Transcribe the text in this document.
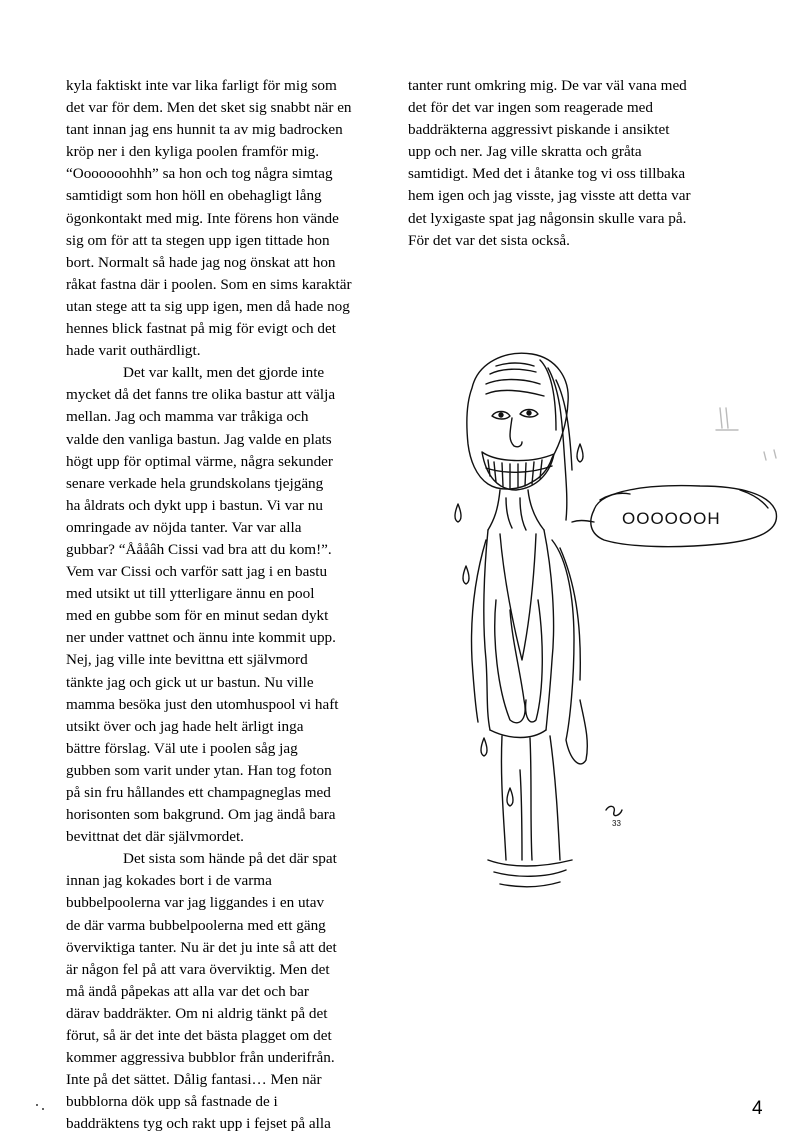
kyla faktiskt inte var lika farligt för mig som
det var för dem. Men det sket sig snabbt när en
tant innan jag ens hunnit ta av mig badrocken
kröp ner i den kyliga poolen framför mig.
“Ooooooohhh” sa hon och tog några simtag
samtidigt som hon höll en obehagligt lång
ögonkontakt med mig. Inte förens hon vände
sig om för att ta stegen upp igen tittade hon
bort. Normalt så hade jag nog önskat att hon
råkat fastna där i poolen. Som en sims karaktär
utan stege att ta sig upp igen, men då hade nog
hennes blick fastnat på mig för evigt och det
hade varit outhärdligt.
Det var kallt, men det gjorde inte
mycket då det fanns tre olika bastur att välja
mellan. Jag och mamma var tråkiga och
valde den vanliga bastun. Jag valde en plats
högt upp för optimal värme, några sekunder
senare verkade hela grundskolans tjejgäng
ha åldrats och dykt upp i bastun. Vi var nu
omringade av nöjda tanter. Var var alla
gubbar? “Åååâh Cissi vad bra att du kom!”.
Vem var Cissi och varför satt jag i en bastu
med utsikt ut till ytterligare ännu en pool
med en gubbe som för en minut sedan dykt
ner under vattnet och ännu inte kommit upp.
Nej, jag ville inte bevittna ett självmord
tänkte jag och gick ut ur bastun. Nu ville
mamma besöka just den utomhuspool vi haft
utsikt över och jag hade helt ärligt inga
bättre förslag. Väl ute i poolen såg jag
gubben som varit under ytan. Han tog foton
på sin fru hållandes ett champagneglas med
horisonten som bakgrund. Om jag ändå bara
bevittnat det där självmordet.
Det sista som hände på det där spat
innan jag kokades bort i de varma
bubbelpoolerna var jag liggandes i en utav
de där varma bubbelpoolerna med ett gäng
överviktiga tanter. Nu är det ju inte så att det
är någon fel på att vara överviktig. Men det
må ändå påpekas att alla var det och bar
därav baddräkter. Om ni aldrig tänkt på det
förut, så är det inte det bästa plagget om det
kommer aggressiva bubblor från underifrån.
Inte på det sättet. Dålig fantasi… Men när
bubblorna dök upp så fastnade de i
baddräktens tyg och rakt upp i fejset på alla
tanter runt omkring mig. De var väl vana med
det för det var ingen som reagerade med
baddräkterna aggressivt piskande i ansiktet
upp och ner. Jag ville skratta och gråta
samtidigt. Med det i åtanke tog vi oss tillbaka
hem igen och jag visste, jag visste att detta var
det lyxigaste spat jag någonsin skulle vara på.
För det var det sista också.
OOOOOOH
33
4
